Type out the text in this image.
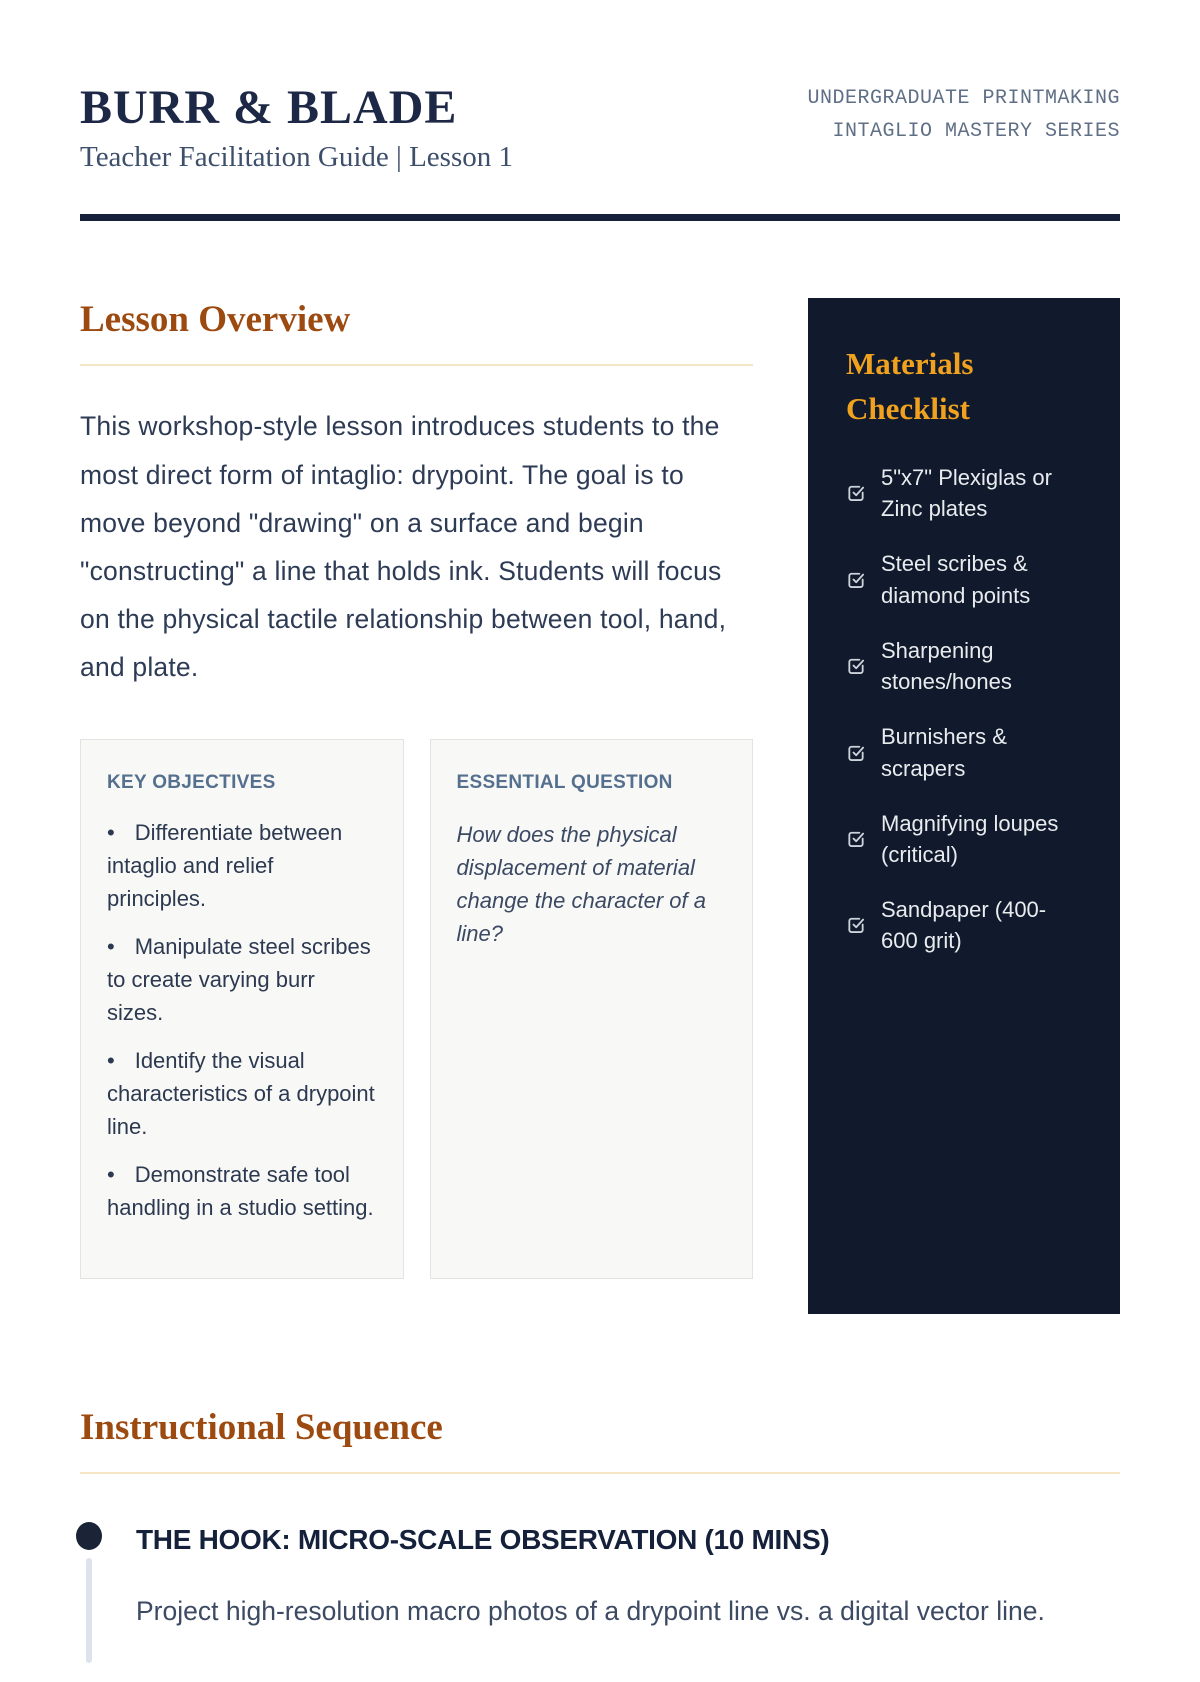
BURR & BLADE
Teacher Facilitation Guide | Lesson 1
UNDERGRADUATE PRINTMAKING
INTAGLIO MASTERY SERIES
Lesson Overview

This workshop-style lesson introduces students to the most direct form of intaglio: drypoint. The goal is to move beyond "drawing" on a surface and begin "constructing" a line that holds ink. Students will focus on the physical tactile relationship between tool, hand, and plate.

KEY OBJECTIVES
• Differentiate between intaglio and relief principles.
• Manipulate steel scribes to create varying burr sizes.
• Identify the visual characteristics of a drypoint line.
• Demonstrate safe tool handling in a studio setting.
ESSENTIAL QUESTION
How does the physical displacement of material change the character of a line?
Materials Checklist
5"x7" Plexiglas or Zinc plates
Steel scribes & diamond points
Sharpening stones/hones
Burnishers & scrapers
Magnifying loupes (critical)
Sandpaper (400-600 grit)
Instructional Sequence
THE HOOK: MICRO-SCALE OBSERVATION (10 MINS)

Project high-resolution macro photos of a drypoint line vs. a digital vector line.
